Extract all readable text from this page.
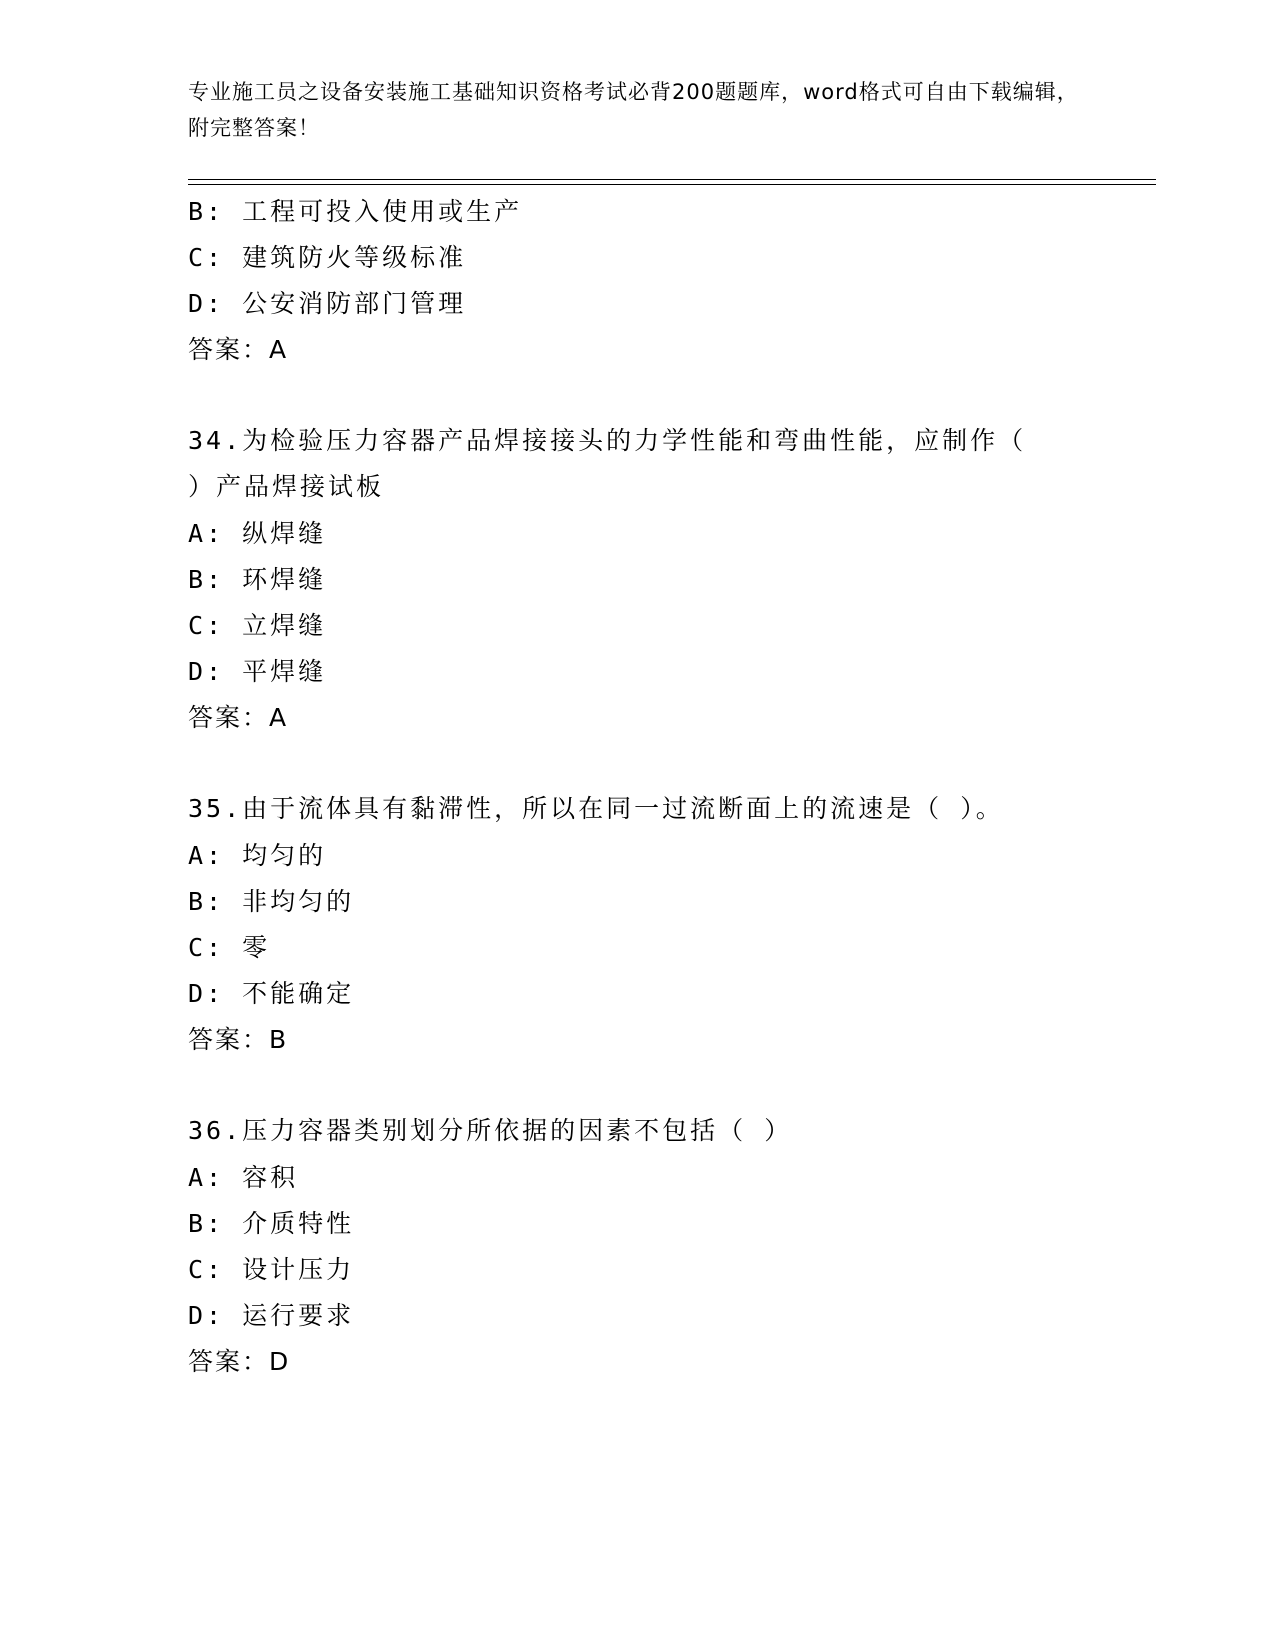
专业施工员之设备安装施工基础知识资格考试必背200题题库，word格式可自由下载编辑，附完整答案！
B: 工程可投入使用或生产
C: 建筑防火等级标准
D: 公安消防部门管理
答案：A
34.为检验压力容器产品焊接接头的力学性能和弯曲性能，应制作（
）产品焊接试板
A: 纵焊缝
B: 环焊缝
C: 立焊缝
D: 平焊缝
答案：A
35.由于流体具有黏滞性，所以在同一过流断面上的流速是（ ）。
A: 均匀的
B: 非均匀的
C: 零
D: 不能确定
答案：B
36.压力容器类别划分所依据的因素不包括（ ）
A: 容积
B: 介质特性
C: 设计压力
D: 运行要求
答案：D
